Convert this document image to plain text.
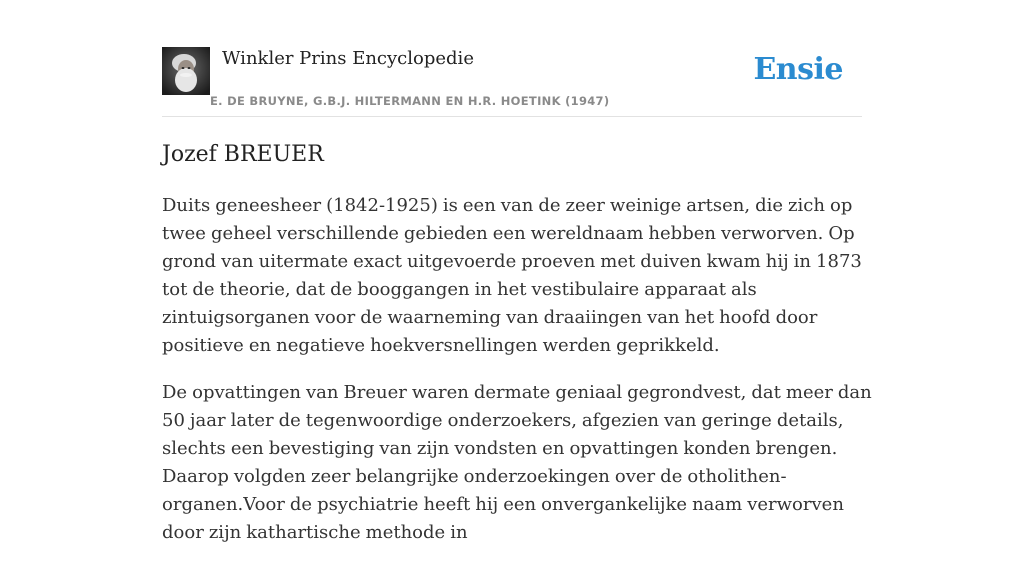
Winkler Prins Encyclopedie
E. DE BRUYNE, G.B.J. HILTERMANN EN H.R. HOETINK (1947)
Ensie
Jozef BREUER

Duits geneesheer (1842-1925) is een van de zeer weinige artsen, die zich op twee geheel verschillende gebieden een wereldnaam hebben verworven. Op grond van uitermate exact uitgevoerde proeven met duiven kwam hij in 1873 tot de theorie, dat de booggangen in het vestibulaire apparaat als zintuigsorganen voor de waarneming van draaiingen van het hoofd door positieve en negatieve hoekversnellingen werden geprikkeld.

De opvattingen van Breuer waren dermate geniaal gegrondvest, dat meer dan 50 jaar later de tegenwoordige onderzoekers, afgezien van geringe details, slechts een bevestiging van zijn vondsten en opvattingen konden brengen. Daarop volgden zeer belangrijke onderzoekingen over de otholithen-organen.Voor de psychiatrie heeft hij een onvergankelijke naam verworven door zijn kathartische methode in
